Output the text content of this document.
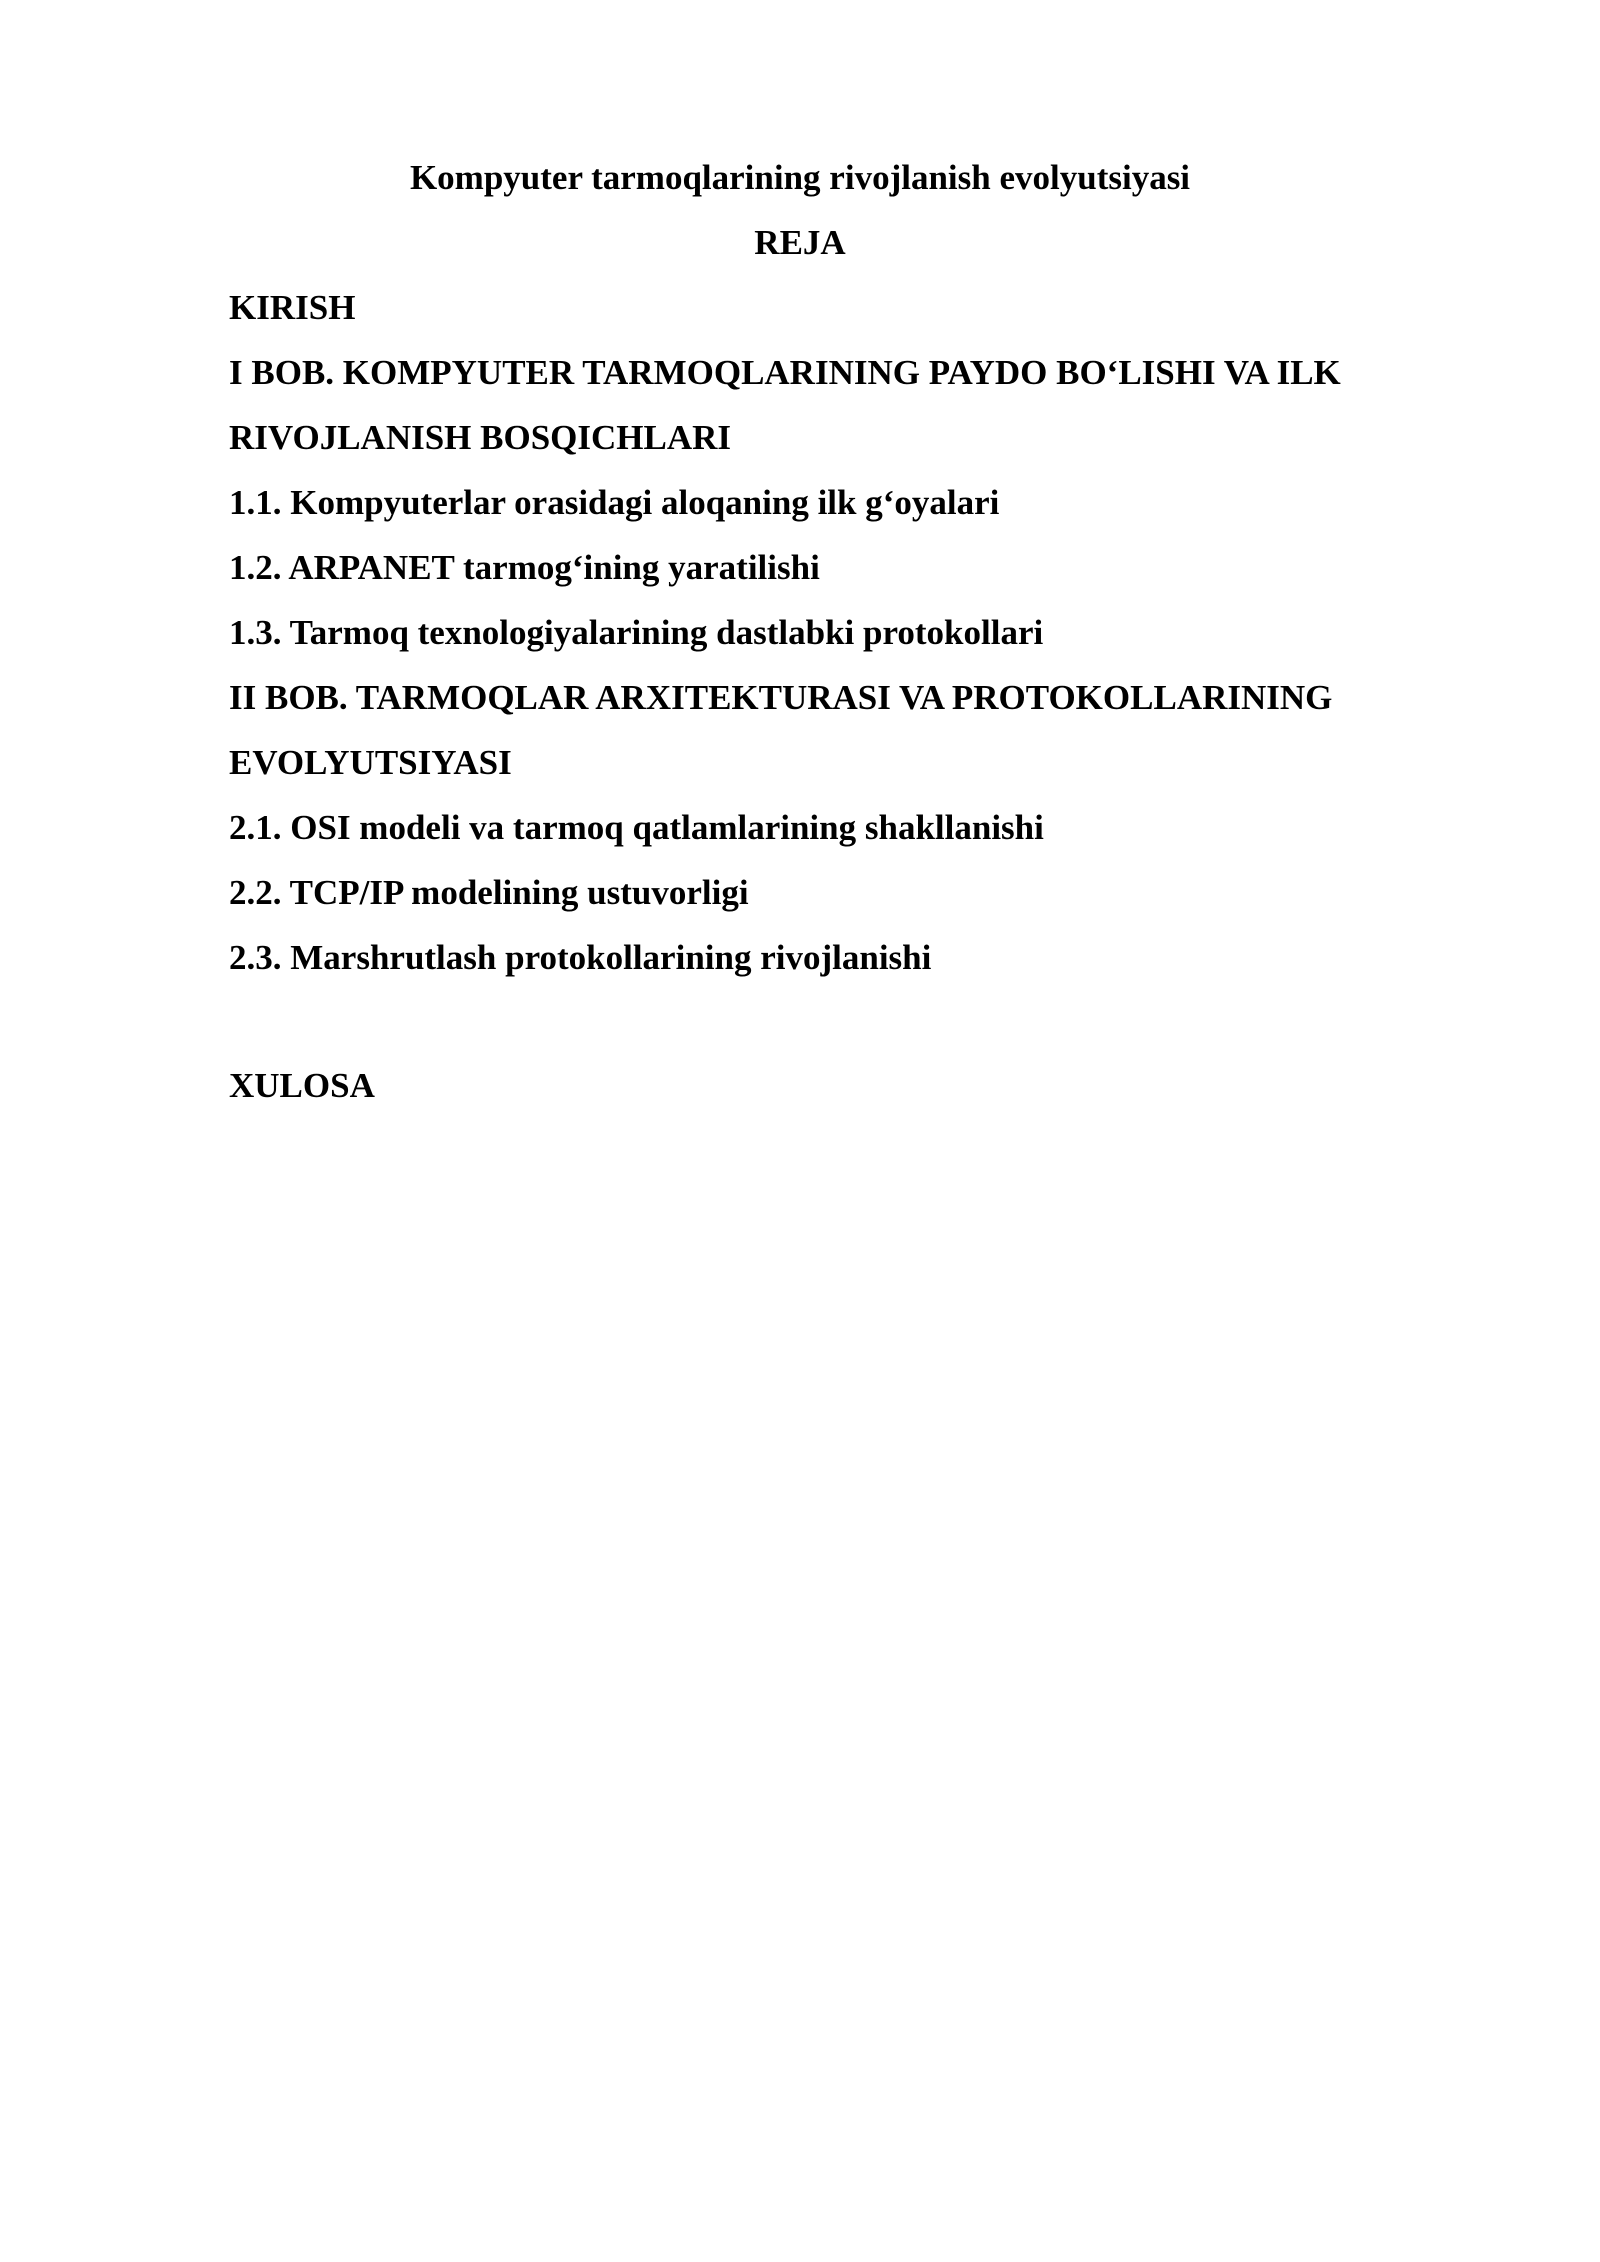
Kompyuter tarmoqlarining rivojlanish evolyutsiyasi
REJA
KIRISH
I BOB. KOMPYUTER TARMOQLARINING PAYDO BO‘LISHI VA ILK
RIVOJLANISH BOSQICHLARI
1.1. Kompyuterlar orasidagi aloqaning ilk g‘oyalari
1.2. ARPANET tarmog‘ining yaratilishi
1.3. Tarmoq texnologiyalarining dastlabki protokollari
II BOB. TARMOQLAR ARXITEKTURASI VA PROTOKOLLARINING
EVOLYUTSIYASI
2.1. OSI modeli va tarmoq qatlamlarining shakllanishi
2.2. TCP/IP modelining ustuvorligi
2.3. Marshrutlash protokollarining rivojlanishi
XULOSA
